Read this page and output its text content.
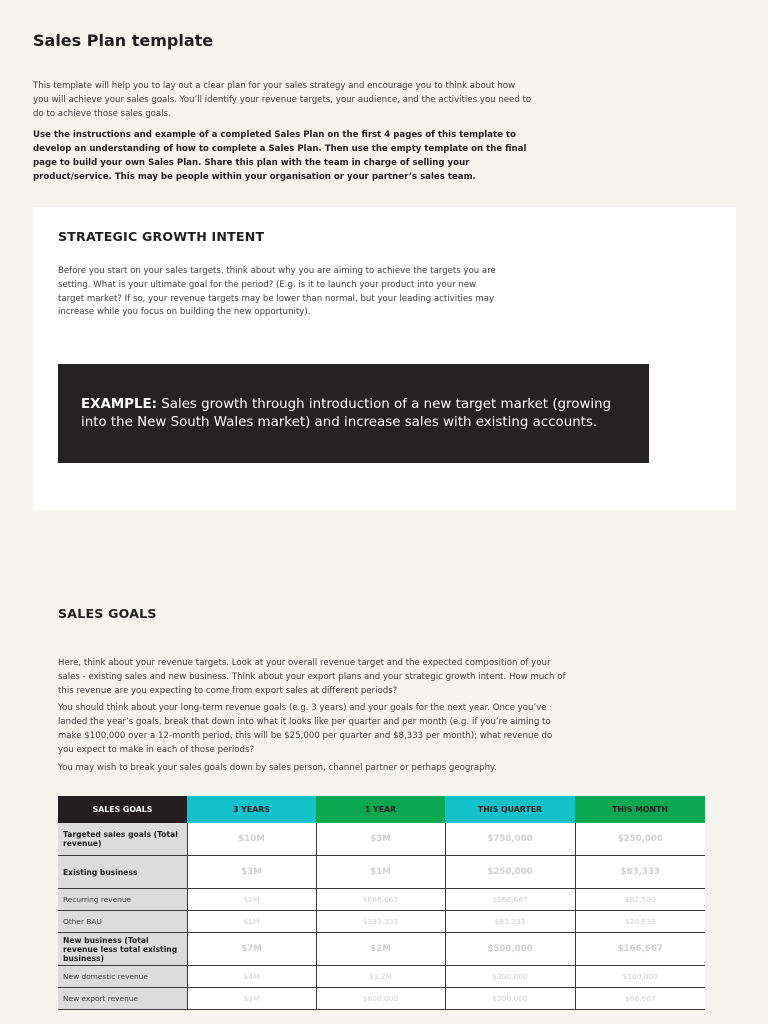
Sales Plan template

This template will help you to lay out a clear plan for your sales strategy and encourage you to think about how you will achieve your sales goals. You’ll identify your revenue targets, your audience, and the activities you need to do to achieve those sales goals.

Use the instructions and example of a completed Sales Plan on the first 4 pages of this template to develop an understanding of how to complete a Sales Plan. Then use the empty template on the final page to build your own Sales Plan. Share this plan with the team in charge of selling your product/service. This may be people within your organisation or your partner’s sales team.

STRATEGIC GROWTH INTENT

Before you start on your sales targets, think about why you are aiming to achieve the targets you are setting. What is your ultimate goal for the period? (E.g. is it to launch your product into your new target market? If so, your revenue targets may be lower than normal, but your leading activities may increase while you focus on building the new opportunity).

EXAMPLE: Sales growth through introduction of a new target market (growing into the New South Wales market) and increase sales with existing accounts.
SALES GOALS

Here, think about your revenue targets. Look at your overall revenue target and the expected composition of your sales - existing sales and new business. Think about your export plans and your strategic growth intent. How much of this revenue are you expecting to come from export sales at different periods?

You should think about your long-term revenue goals (e.g. 3 years) and your goals for the next year. Once you’ve landed the year’s goals, break that down into what it looks like per quarter and per month (e.g. if you’re aiming to make $100,000 over a 12-month period, this will be $25,000 per quarter and $8,333 per month); what revenue do you expect to make in each of those periods?

You may wish to break your sales goals down by sales person, channel partner or perhaps geography.

SALES GOALS	3 YEARS	1 YEAR	THIS QUARTER	THIS MONTH
Targeted sales goals (Total revenue)	$10M	$3M	$750,000	$250,000
Existing business	$3M	$1M	$250,000	$83,333
Recurring revenue	$2M	$666,667	$166,667	$62,500
Other BAU	$1M	$333,333	$83,333	$20,833
New business (Total revenue less total existing business)	$7M	$2M	$500,000	$166,667
New domestic revenue	$4M	$1.2M	$300,000	$100,000
New export revenue	$3M	$800,000	$200,000	$66,667
